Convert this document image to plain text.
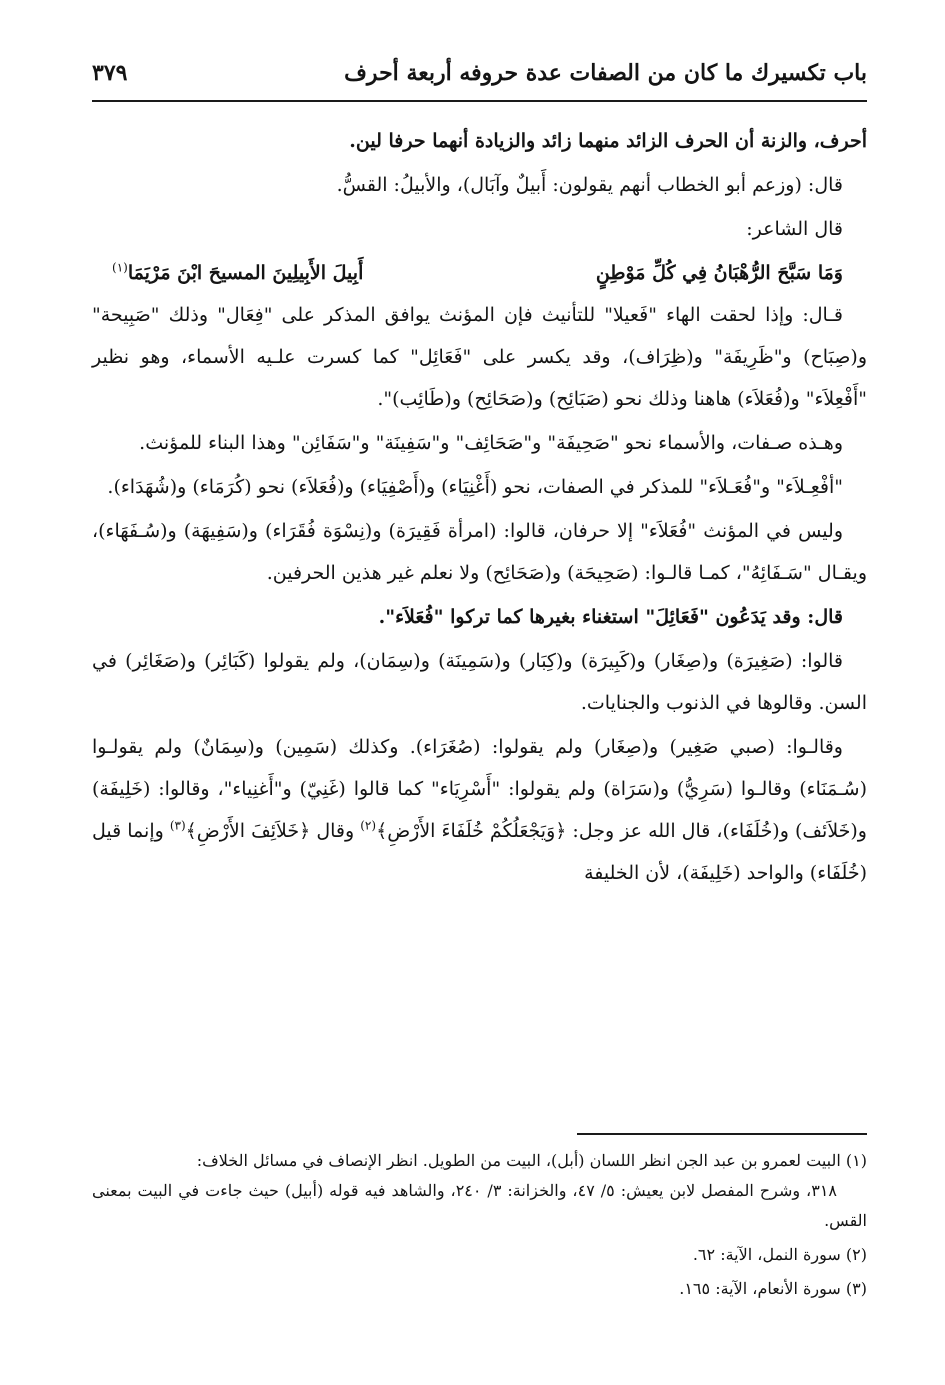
باب تكسيرك ما كان من الصفات عدة حروفه أربعة أحرف
٣٧٩

أحرف، والزنة أن الحرف الزائد منهما زائد والزيادة أنهما حرفا لين.

قال: (وزعم أبو الخطاب أنهم يقولون: أَبيلٌ وآبَال)، والأبيلُ: القسُّ.

قال الشاعر:

وَمَا سَبَّحَ الرُّهْبَانُ فِي كُلِّ مَوْطِنٍ
أَبِيلَ الأَبِيلِينَ المسيحَ ابْنَ مَرْيَمَا$^{(١)}$

قـال: وإذا لحقت الهاء "فَعيلا" للتأنيث فإن المؤنث يوافق المذكر على "فِعَال" وذلك "صَبِيحة" و(صِبَاح) و"ظَرِيفَة" و(ظِرَاف)، وقد يكسر على "فَعَائِل" كما كسرت علـيه الأسماء، وهو نظير "أَفْعِلاَء" و(فُعَلاَء) هاهنا وذلك نحو (صَبَائِح) و(صَحَائِح) و(طَائِب)".

وهـذه صـفات، والأسماء نحو "صَحِيفَة" و"صَحَائِف" و"سَفِينَة" و"سَفَائِن" وهذا البناء للمؤنث.

"أفْعِـلاَء" و"فُعَـلاَء" للمذكر في الصفات، نحو (أَغْنِيَاء) و(أَصْفِيَاء) و(فُعَلاَء) نحو (كُرَمَاء) و(شُهَدَاء).

وليس في المؤنث "فُعَلاَء" إلا حرفان، قالوا: (امرأة فَقِيرَة) و(نِسْوَة فُقَرَاء) و(سَفِيهَة) و(سُـفَهَاء)، ويقـال "سَـفَائِهُ"، كمـا قالـوا: (صَحِيحَة) و(صَحَائِح) ولا نعلم غير هذين الحرفين.

قال: وقد يَدَعُون "فَعَائِلَ" استغناء بغيرها كما تركوا "فُعَلاَء".

قالوا: (صَغِيرَة) و(صِغَار) و(كَبِيرَة) و(كِبَار) و(سَمِينَة) و(سِمَان)، ولم يقولوا (كَبَائِر) و(صَغَائِر) في السن. وقالوها في الذنوب والجنايات.

وقالـوا: (صبي صَغِير) و(صِغَار) ولم يقولوا: (صُغَرَاء). وكذلك (سَمِين) و(سِمَانٌ) ولم يقولـوا (سُـمَنَاء) وقالـوا (سَرِيُّ) و(سَرَاة) ولم يقولوا: "أَسْرِيَاء" كما قالوا (غَنِيّ) و"أَغنِياء"، وقالوا: (خَلِيفَة) و(خَلاَئف) و(خُلَفَاء)، قال الله عز وجل: ﴿وَيَجْعَلُكُمْ خُلَفَاءَ الأَرْضِ﴾$^{(٢)}$ وقال ﴿خَلاَئِفَ الأَرْضِ﴾$^{(٣)}$ وإنما قيل (خُلَفَاء) والواحد (خَلِيفَة)، لأن الخليفة

(١) البيت لعمرو بن عبد الجن انظر اللسان (أبل)، البيت من الطويل. انظر الإنصاف في مسائل الخلاف:
٣١٨، وشرح المفصل لابن يعيش: ٥/ ٤٧، والخزانة: ٣/ ٢٤٠، والشاهد فيه قوله (أبيل) حيث جاءت في البيت بمعنى القس.

(٢) سورة النمل، الآية: ٦٢.

(٣) سورة الأنعام، الآية: ١٦٥.
